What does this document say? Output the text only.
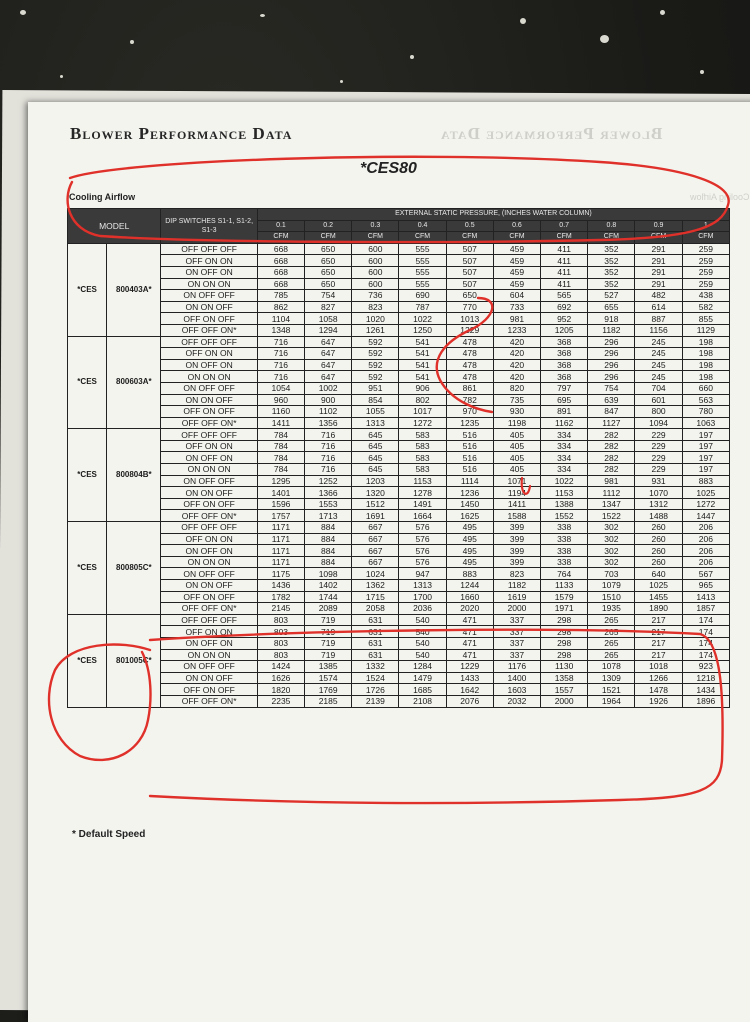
Blower Performance Data
Blower Performance Data
*CES80
Cooling Airflow	Cooling Airflow
MODEL		DIP SWITCHES S1-1, S1-2, S1-3	EXTERNAL STATIC PRESSURE, (INCHES WATER COLUMN)									
			0.1	0.2	0.3	0.4	0.5	0.6	0.7	0.8	0.9	1
			CFM	CFM	CFM	CFM	CFM	CFM	CFM	CFM	CFM	CFM
*CES	800403A*	OFF OFF OFF	668	650	600	555	507	459	411	352	291	259
		OFF ON ON	668	650	600	555	507	459	411	352	291	259
		ON OFF ON	668	650	600	555	507	459	411	352	291	259
		ON ON ON	668	650	600	555	507	459	411	352	291	259
		ON OFF OFF	785	754	736	690	650	604	565	527	482	438
		ON ON OFF	862	827	823	787	770	733	692	655	614	582
		OFF ON OFF	1104	1058	1020	1022	1013	981	952	918	887	855
		OFF OFF ON*	1348	1294	1261	1250	1229	1233	1205	1182	1156	1129
*CES	800603A*	OFF OFF OFF	716	647	592	541	478	420	368	296	245	198
		OFF ON ON	716	647	592	541	478	420	368	296	245	198
		ON OFF ON	716	647	592	541	478	420	368	296	245	198
		ON ON ON	716	647	592	541	478	420	368	296	245	198
		ON OFF OFF	1054	1002	951	906	861	820	797	754	704	660
		ON ON OFF	960	900	854	802	782	735	695	639	601	563
		OFF ON OFF	1160	1102	1055	1017	970	930	891	847	800	780
		OFF OFF ON*	1411	1356	1313	1272	1235	1198	1162	1127	1094	1063
*CES	800804B*	OFF OFF OFF	784	716	645	583	516	405	334	282	229	197
		OFF ON ON	784	716	645	583	516	405	334	282	229	197
		ON OFF ON	784	716	645	583	516	405	334	282	229	197
		ON ON ON	784	716	645	583	516	405	334	282	229	197
		ON OFF OFF	1295	1252	1203	1153	1114	1071	1022	981	931	883
		ON ON OFF	1401	1366	1320	1278	1236	1194	1153	1112	1070	1025
		OFF ON OFF	1596	1553	1512	1491	1450	1411	1388	1347	1312	1272
		OFF OFF ON*	1757	1713	1691	1664	1625	1588	1552	1522	1488	1447
*CES	800805C*	OFF OFF OFF	1171	884	667	576	495	399	338	302	260	206
		OFF ON ON	1171	884	667	576	495	399	338	302	260	206
		ON OFF ON	1171	884	667	576	495	399	338	302	260	206
		ON ON ON	1171	884	667	576	495	399	338	302	260	206
		ON OFF OFF	1175	1098	1024	947	883	823	764	703	640	567
		ON ON OFF	1436	1402	1362	1313	1244	1182	1133	1079	1025	965
		OFF ON OFF	1782	1744	1715	1700	1660	1619	1579	1510	1455	1413
		OFF OFF ON*	2145	2089	2058	2036	2020	2000	1971	1935	1890	1857
*CES	801005C*	OFF OFF OFF	803	719	631	540	471	337	298	265	217	174
		OFF ON ON	803	719	631	540	471	337	298	265	217	174
		ON OFF ON	803	719	631	540	471	337	298	265	217	174
		ON ON ON	803	719	631	540	471	337	298	265	217	174
		ON OFF OFF	1424	1385	1332	1284	1229	1176	1130	1078	1018	923
		ON ON OFF	1626	1574	1524	1479	1433	1400	1358	1309	1266	1218
		OFF ON OFF	1820	1769	1726	1685	1642	1603	1557	1521	1478	1434
		OFF OFF ON*	2235	2185	2139	2108	2076	2032	2000	1964	1926	1896
* Default Speed
